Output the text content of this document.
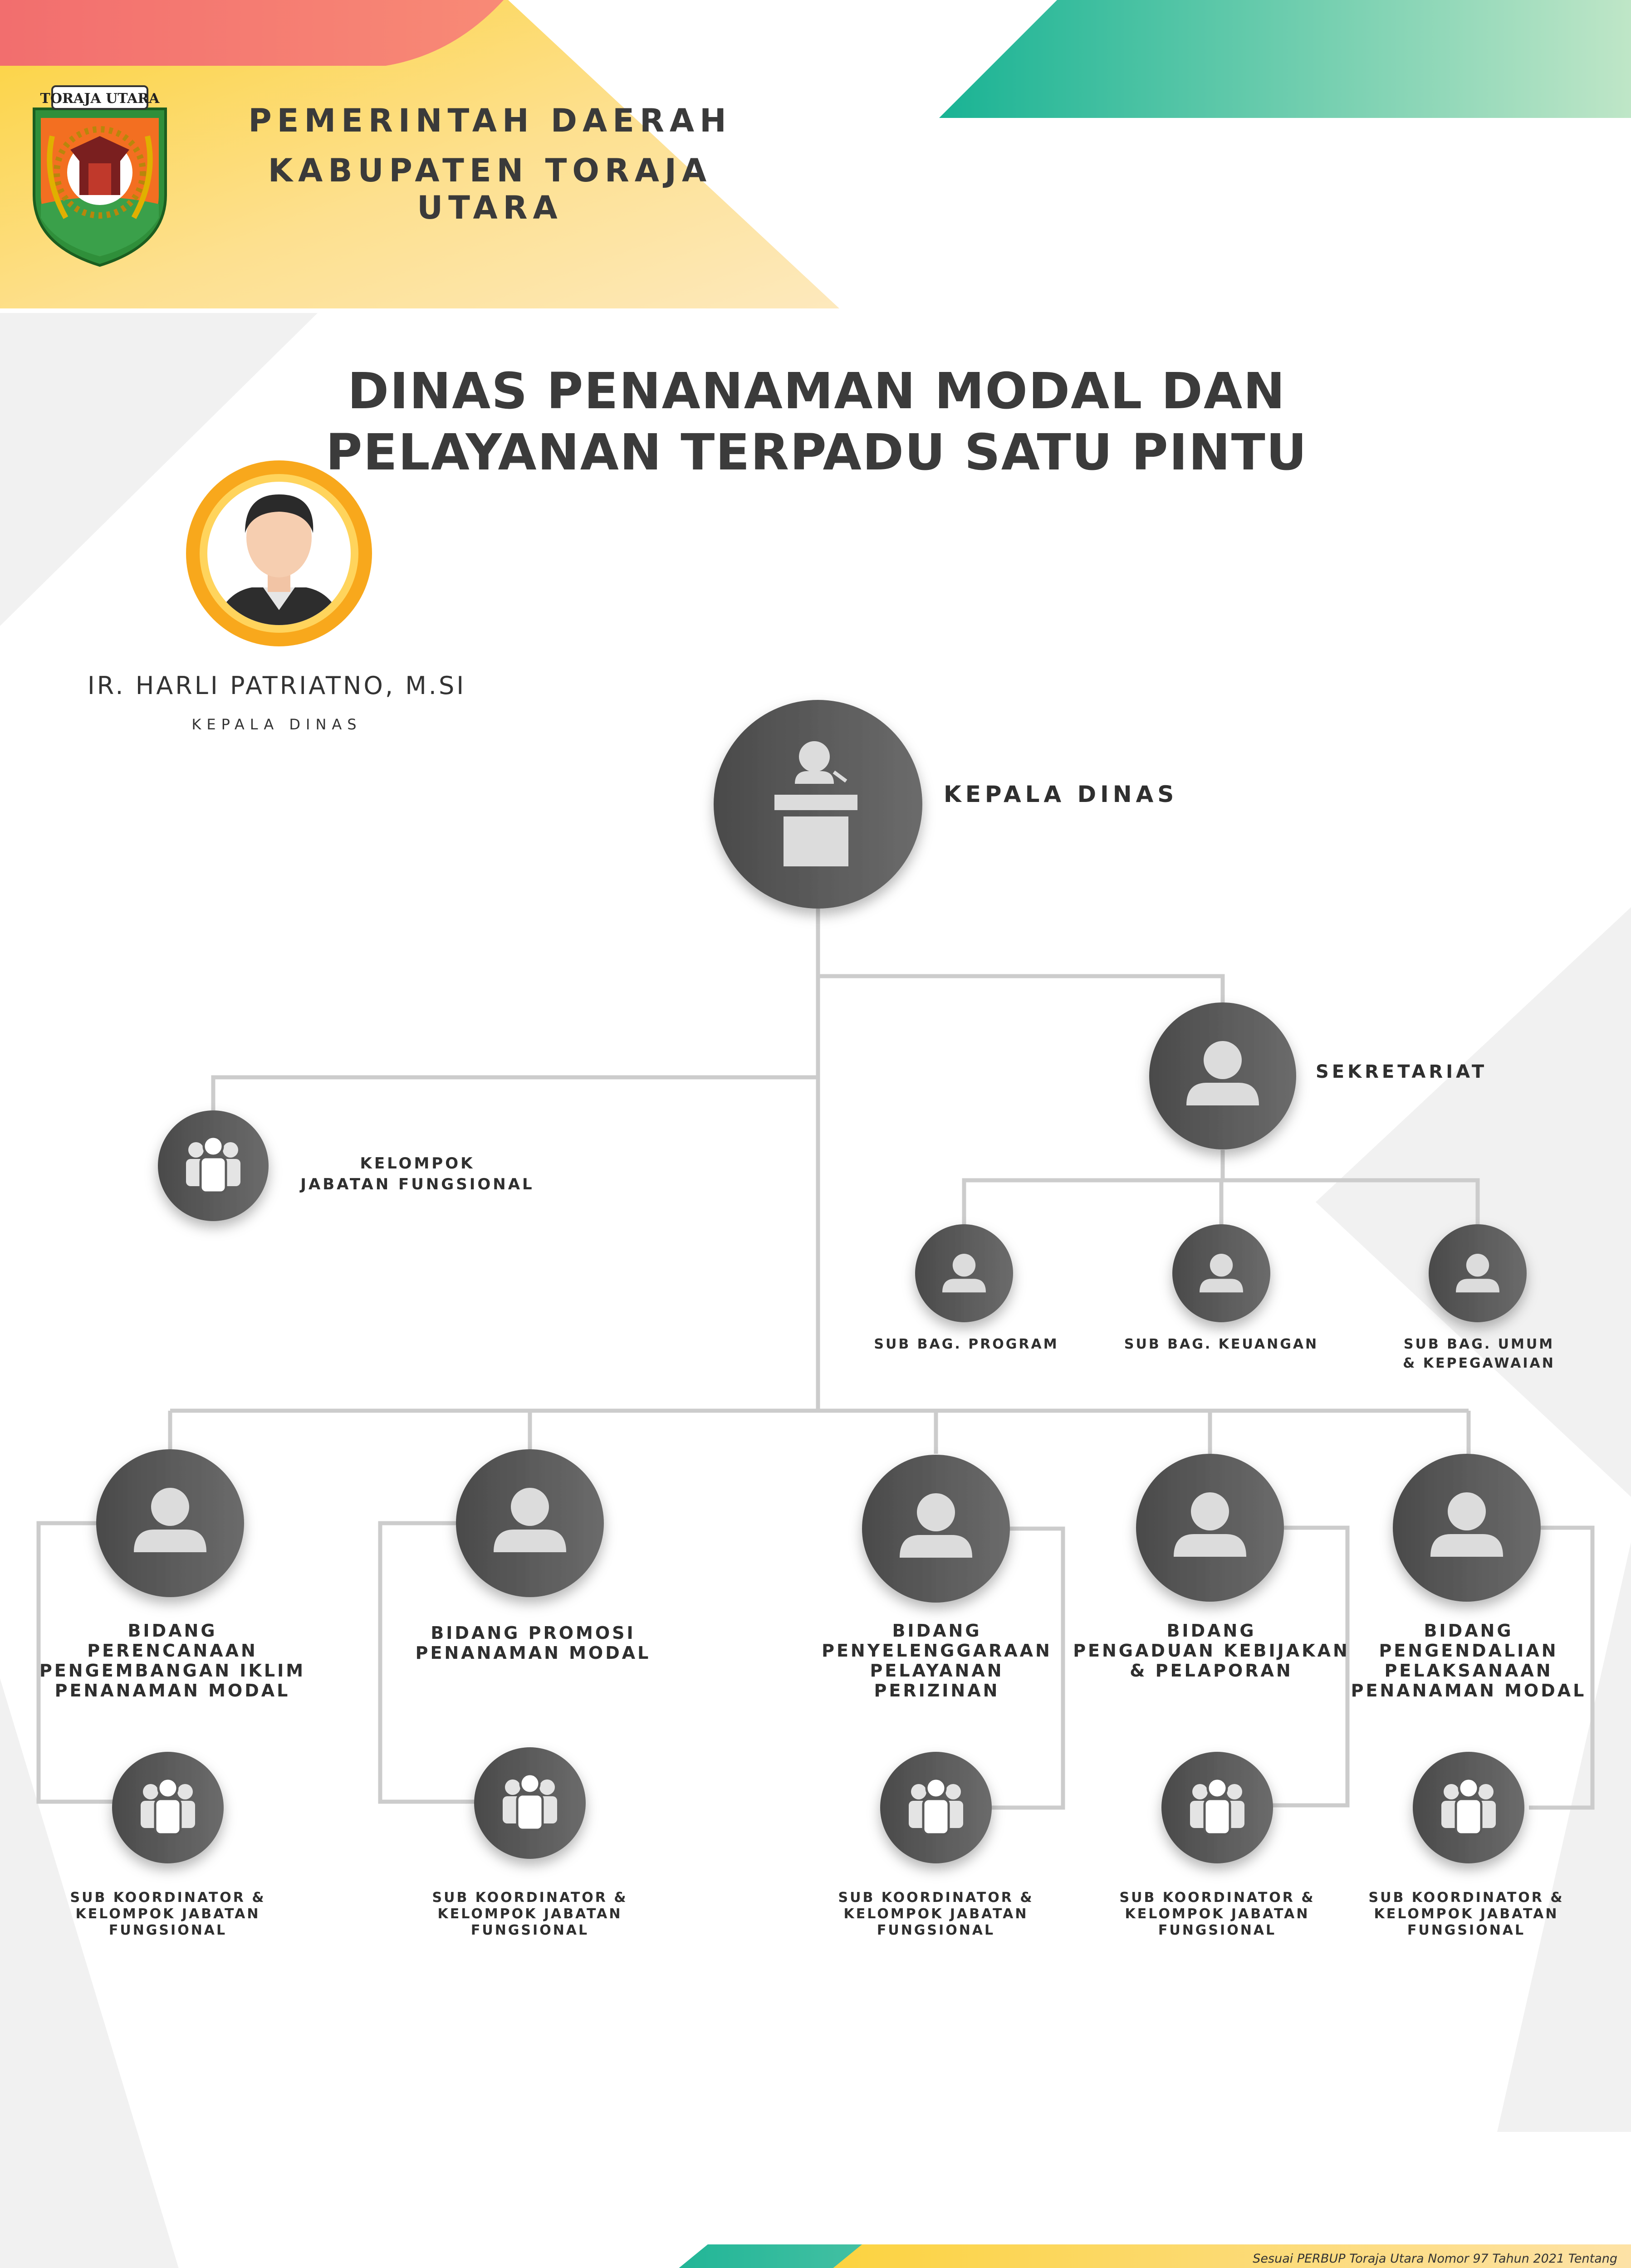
TORAJA UTARA
PEMERINTAH DAERAH
KABUPATEN TORAJA UTARA
DINAS PENANAMAN MODAL DAN
PELAYANAN TERPADU SATU PINTU
IR. HARLI PATRIATNO, M.SI
KEPALA DINAS
KEPALA DINAS
SEKRETARIAT
KELOMPOK
JABATAN FUNGSIONAL
SUB BAG. PROGRAM	SUB BAG. KEUANGAN	SUB BAG. UMUM
& KEPEGAWAIAN
BIDANG
PERENCANAAN
PENGEMBANGAN IKLIM
PENANAMAN MODAL
BIDANG PROMOSI
PENANAMAN MODAL
BIDANG
PENYELENGGARAAN
PELAYANAN
PERIZINAN
BIDANG
PENGADUAN KEBIJAKAN
& PELAPORAN
BIDANG
PENGENDALIAN
PELAKSANAAN
PENANAMAN MODAL
SUB KOORDINATOR &
KELOMPOK JABATAN
FUNGSIONAL
SUB KOORDINATOR &
KELOMPOK JABATAN
FUNGSIONAL
SUB KOORDINATOR &
KELOMPOK JABATAN
FUNGSIONAL
SUB KOORDINATOR &
KELOMPOK JABATAN
FUNGSIONAL
SUB KOORDINATOR &
KELOMPOK JABATAN
FUNGSIONAL
Sesuai PERBUP Toraja Utara Nomor 97 Tahun 2021 Tentang
